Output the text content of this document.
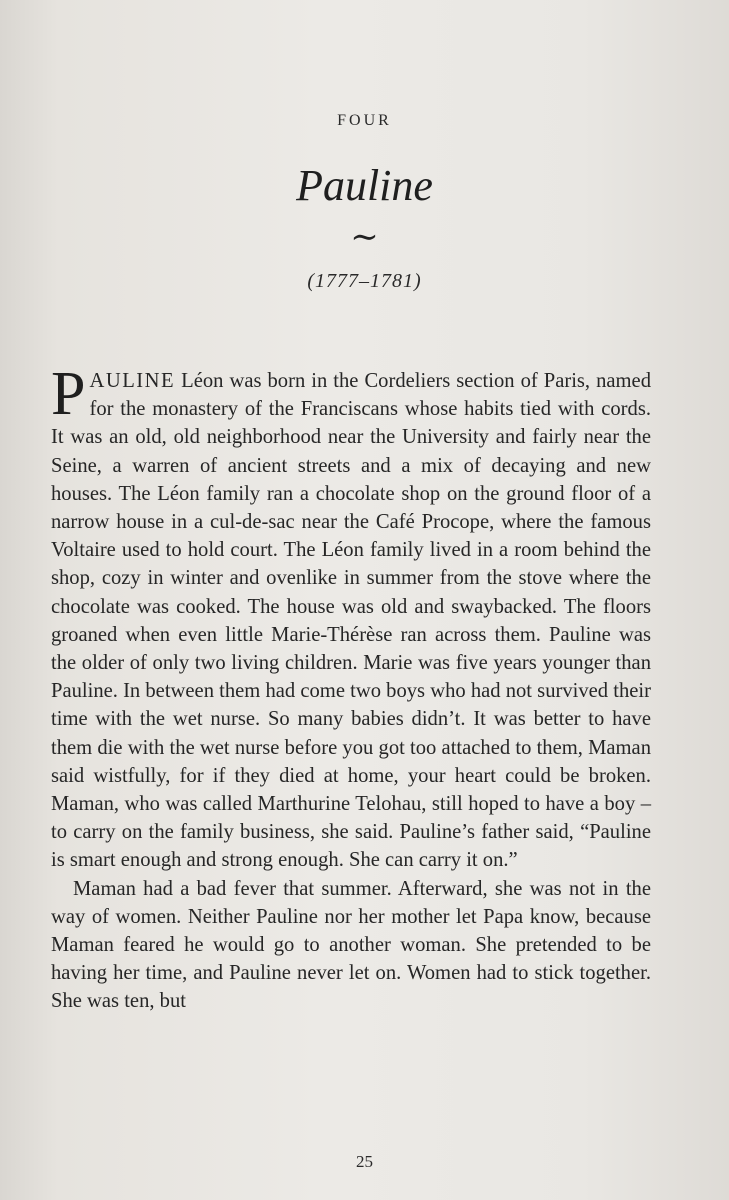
FOUR
Pauline
∼
(1777–1781)

PAULINE Léon was born in the Cordeliers section of Paris, named for the monastery of the Franciscans whose habits tied with cords. It was an old, old neighborhood near the University and fairly near the Seine, a warren of ancient streets and a mix of decaying and new houses. The Léon family ran a chocolate shop on the ground floor of a narrow house in a cul-de-sac near the Café Procope, where the famous Voltaire used to hold court. The Léon family lived in a room behind the shop, cozy in winter and ovenlike in summer from the stove where the chocolate was cooked. The house was old and swaybacked. The floors groaned when even little Marie-Thérèse ran across them. Pauline was the older of only two living children. Marie was five years younger than Pauline. In between them had come two boys who had not survived their time with the wet nurse. So many babies didn’t. It was better to have them die with the wet nurse before you got too attached to them, Maman said wistfully, for if they died at home, your heart could be broken. Maman, who was called Marthurine Telohau, still hoped to have a boy – to carry on the family business, she said. Pauline’s father said, “Pauline is smart enough and strong enough. She can carry it on.”

Maman had a bad fever that summer. Afterward, she was not in the way of women. Neither Pauline nor her mother let Papa know, because Maman feared he would go to another woman. She pretended to be having her time, and Pauline never let on. Women had to stick together. She was ten, but

25
